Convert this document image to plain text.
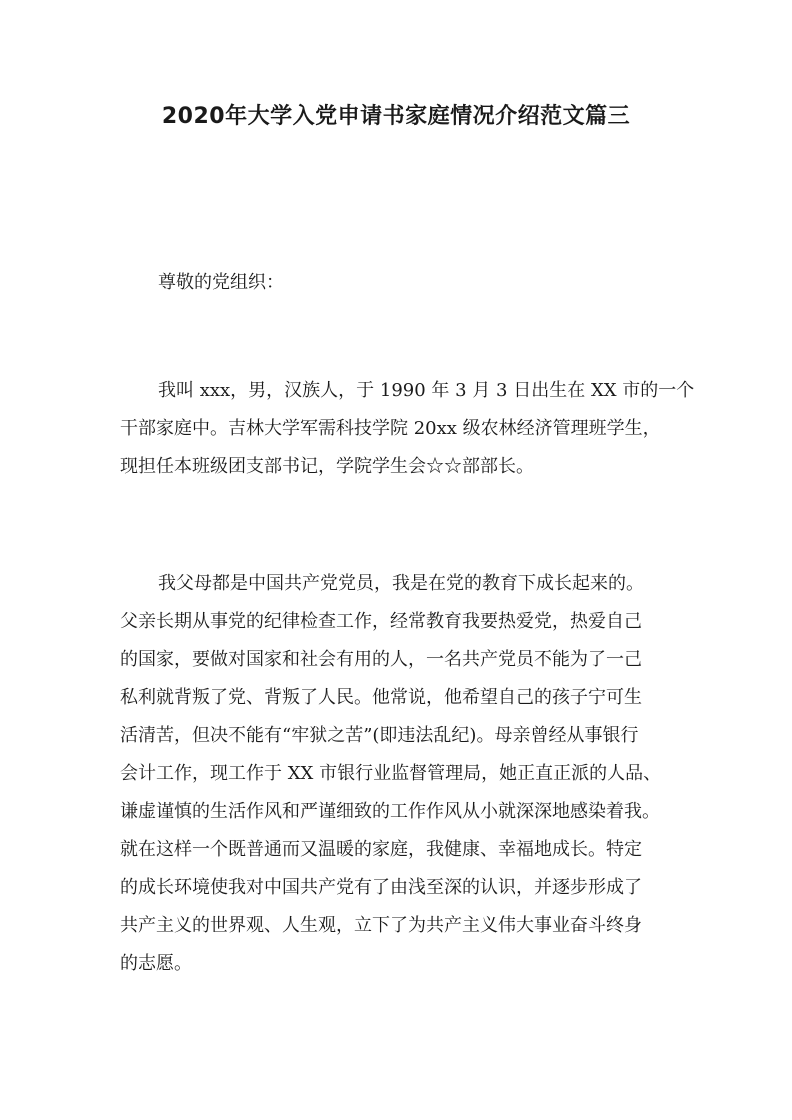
2020年大学入党申请书家庭情况介绍范文篇三
尊敬的党组织：
我叫 xxx，男，汉族人，于 1990 年 3 月 3 日出生在 XX 市的一个
干部家庭中。吉林大学军需科技学院 20xx 级农林经济管理班学生，
现担任本班级团支部书记，学院学生会☆☆部部长。
我父母都是中国共产党党员，我是在党的教育下成长起来的。
父亲长期从事党的纪律检查工作，经常教育我要热爱党，热爱自己
的国家，要做对国家和社会有用的人，一名共产党员不能为了一己
私利就背叛了党、背叛了人民。他常说，他希望自己的孩子宁可生
活清苦，但决不能有“牢狱之苦”(即违法乱纪)。母亲曾经从事银行
会计工作，现工作于 XX 市银行业监督管理局，她正直正派的人品、
谦虚谨慎的生活作风和严谨细致的工作作风从小就深深地感染着我。
就在这样一个既普通而又温暖的家庭，我健康、幸福地成长。特定
的成长环境使我对中国共产党有了由浅至深的认识，并逐步形成了
共产主义的世界观、人生观，立下了为共产主义伟大事业奋斗终身
的志愿。
